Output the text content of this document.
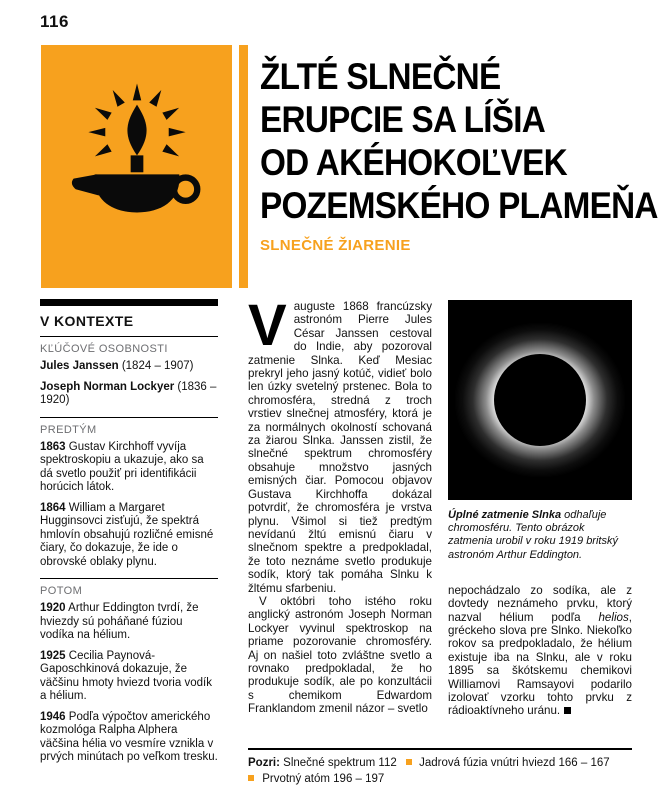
116
ŽLTÉ SLNEČNÉ
ERUPCIE SA LÍŠIA
OD AKÉHOKOĽVEK
POZEMSKÉHO PLAMEŇA
SLNEČNÉ ŽIARENIE
V KONTEXTE
KĽÚČOVÉ OSOBNOSTI

Jules Janssen (1824 – 1907)

Joseph Norman Lockyer (1836 – 1920)

PREDTÝM

1863 Gustav Kirchhoff vyvíja spektroskopiu a ukazuje, ako sa dá svetlo použiť pri identifikácii horúcich látok.

1864 William a Margaret Hugginsovci zisťujú, že spektrá hmlovín obsahujú rozličné emisné čiary, čo dokazuje, že ide o obrovské oblaky plynu.

POTOM

1920 Arthur Eddington tvrdí, že hviezdy sú poháňané fúziou vodíka na hélium.

1925 Cecilia Paynová-Gaposchkinová dokazuje, že väčšinu hmoty hviezd tvoria vodík a hélium.

1946 Podľa výpočtov amerického kozmológa Ralpha Alphera väčšina hélia vo vesmíre vznikla v prvých minútach po veľkom tresku.

Vauguste 1868 francúzsky astronóm Pierre Jules César Janssen cestoval do Indie, aby pozoroval zatmenie Slnka. Keď Mesiac prekryl jeho jasný kotúč, vidieť bolo len úzky svetelný prstenec. Bola to chromosféra, stredná z troch vrstiev slnečnej atmosféry, ktorá je za normálnych okolností schovaná za žiarou Slnka. Janssen zistil, že slnečné spektrum chromosféry obsahuje množstvo jasných emisných čiar. Pomocou objavov Gustava Kirchhoffa dokázal potvrdiť, že chromosféra je vrstva plynu. Všimol si tiež predtým nevídanú žltú emisnú čiaru v slnečnom spektre a predpokladal, že toto neznáme svetlo produkuje sodík, ktorý tak pomáha Slnku k žltému sfarbeniu.

V októbri toho istého roku anglický astronóm Joseph Norman Lockyer vyvinul spektroskop na priame pozorovanie chromosféry. Aj on našiel toto zvláštne svetlo a rovnako predpokladal, že ho produkuje sodík, ale po konzultácii s chemikom Edwardom Franklandom zmenil názor – svetlo

Úplné zatmenie Slnka odhaľuje chromosféru. Tento obrázok zatmenia urobil v roku 1919 britský astronóm Arthur Eddington.

nepochádzalo zo sodíka, ale z dovtedy neznámeho prvku, ktorý nazval hélium podľa helios, gréckeho slova pre Slnko. Niekoľko rokov sa predpokladalo, že hélium existuje iba na Slnku, ale v roku 1895 sa škótskemu chemikovi Williamovi Ramsayovi podarilo izolovať vzorku tohto prvku z rádioaktívneho uránu.

Pozri: Slnečné spektrum 112 Jadrová fúzia vnútri hviezd 166 – 167
Prvotný atóm 196 – 197
